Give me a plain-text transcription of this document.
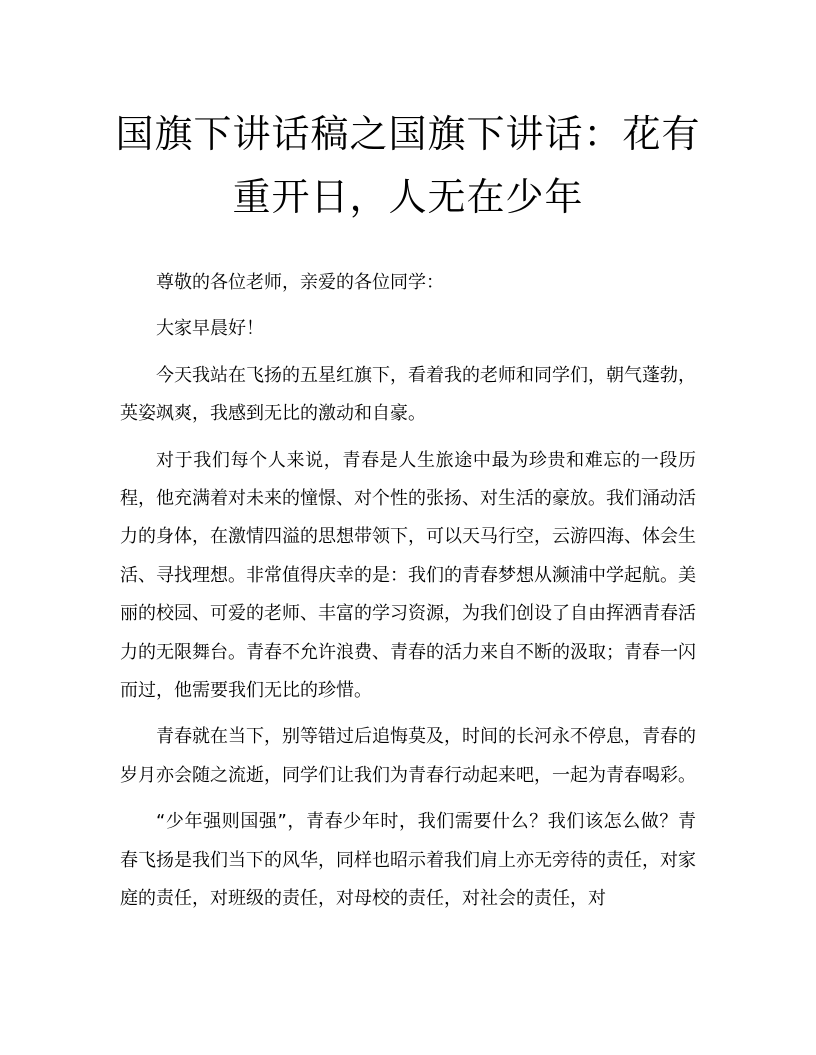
国旗下讲话稿之国旗下讲话：花有重开日，人无在少年

尊敬的各位老师，亲爱的各位同学：

大家早晨好！

今天我站在飞扬的五星红旗下，看着我的老师和同学们，朝气蓬勃，英姿飒爽，我感到无比的激动和自豪。

对于我们每个人来说，青春是人生旅途中最为珍贵和难忘的一段历程，他充满着对未来的憧憬、对个性的张扬、对生活的豪放。我们涌动活力的身体，在激情四溢的思想带领下，可以天马行空，云游四海、体会生活、寻找理想。非常值得庆幸的是：我们的青春梦想从濒浦中学起航。美丽的校园、可爱的老师、丰富的学习资源，为我们创设了自由挥洒青春活力的无限舞台。青春不允许浪费、青春的活力来自不断的汲取；青春一闪而过，他需要我们无比的珍惜。

青春就在当下，别等错过后追悔莫及，时间的长河永不停息，青春的岁月亦会随之流逝，同学们让我们为青春行动起来吧，一起为青春喝彩。

“少年强则国强”，青春少年时，我们需要什么？我们该怎么做？青春飞扬是我们当下的风华，同样也昭示着我们肩上亦无旁待的责任，对家庭的责任，对班级的责任，对母校的责任，对社会的责任，对
